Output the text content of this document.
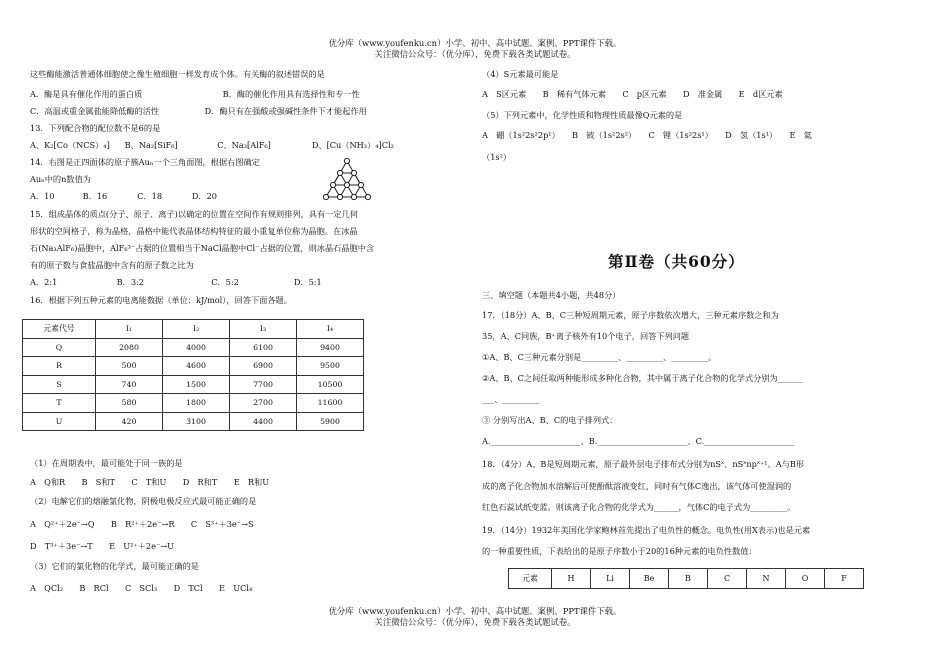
优分库（www.youfenku.cn）小学、初中、高中试题、案例、PPT课件下载。
关注微信公众号：（优分库），免费下载各类试题试卷。
这些酶能激活普通体细胞使之像生殖细胞一样发育成个体。有关酶的叙述错误的是
A．酶是具有催化作用的蛋白质	B．酶的催化作用具有选择性和专一性
C．高温或重金属盐能降低酶的活性	D．酶只有在强酸或强碱性条件下才能起作用
13．下列配合物的配位数不是6的是
A、K₂[Co（NCS）₄] B、Na₂[SiF₆]	C、Na₃[AlF₆]	D、[Cu（NH₃）₄]Cl₂
14．右图是正四面体的原子簇Auₙ一个三角面图，根据右图确定
Auₙ中的n数值为
A．10	B．16	C．18	D．20
15．组成晶体的质点(分子、原子、离子)以确定的位置在空间作有规则排列，具有一定几何
形状的空间格子，称为晶格，晶格中能代表晶体结构特征的最小重复单位称为晶胞。在冰晶
石(Na₃AlF₆)晶胞中，AlF₆³⁻占据的位置相当于NaCl晶胞中Cl⁻占据的位置，则冰晶石晶胞中含
有的原子数与食盐晶胞中含有的原子数之比为
A．2:1	B．3:2	C．5:2	D．5:1
16．根据下列五种元素的电离能数据（单位：kJ/mol），回答下面各题。
元素代号	I₁	I₂	I₃	I₄
Q	2080	4000	6100	9400
R	500	4600	6900	9500
S	740	1500	7700	10500
T	580	1800	2700	11600
U	420	3100	4400	5900
（1）在周期表中，最可能处于同一族的是
A　Q和R　　B　S和T　　C　T和U　　D　R和T　　E　R和U
（2）电解它们的熔融氯化物，阴极电极反应式最可能正确的是
A　Q²⁺＋2e⁻→Q　　B　R²⁺＋2e⁻→R　　C　S³⁺＋3e⁻→S
D　T³⁺＋3e⁻→T　　E　U²⁺＋2e⁻→U
（3）它们的氯化物的化学式，最可能正确的是
A　QCl₂　　B　RCl　　C　SCl₃　　D　TCl　　E　UCl₄
（4）S元素最可能是
A　S区元素　　B　稀有气体元素　　C　p区元素　　D　准金属　　E　d区元素
（5）下列元素中，化学性质和物理性质最像Q元素的是
A　硼（1s²2s²2p¹）　　B　铍（1s²2s²）　　C　锂（1s²2s¹）　　D　氢（1s¹）　　E　氦
（1s²）
三、填空题（本题共4小题，共48分）
17．（18分）A、B、C三种短周期元素，原子序数依次增大，三种元素序数之和为
35，A、C同族，B⁺离子核外有10个电子，回答下列问题
①A、B、C三种元素分别是_________、_________、_________。
②A、B、C之间任取两种能形成多种化合物，其中属于离子化合物的化学式分别为______
___、_________
③ 分别写出A、B、C的电子排列式：
A.______________________、B.______________________、C.______________________
18．（4分）A、B是短周期元素，原子最外层电子排布式分别为nS˟、nS˟np˟⁺¹。A与B形
成的离子化合物加水溶解后可使酚酞溶液变红，同时有气体C逸出，该气体可使湿润的
红色石蕊试纸变蓝。则该离子化合物的化学式为______，气体C的电子式为_________。
19．（14分）1932年美国化学家鲍林首先提出了电负性的概念。电负性(用X表示)也是元素
的一种重要性质，下表给出的是原子序数小于20的16种元素的电负性数值：
第Ⅱ卷（共60分）
元素	H	Li	Be	B	C	N	O	F
优分库（www.youfenku.cn）小学、初中、高中试题、案例、PPT课件下载。
关注微信公众号：（优分库），免费下载各类试题试卷。
